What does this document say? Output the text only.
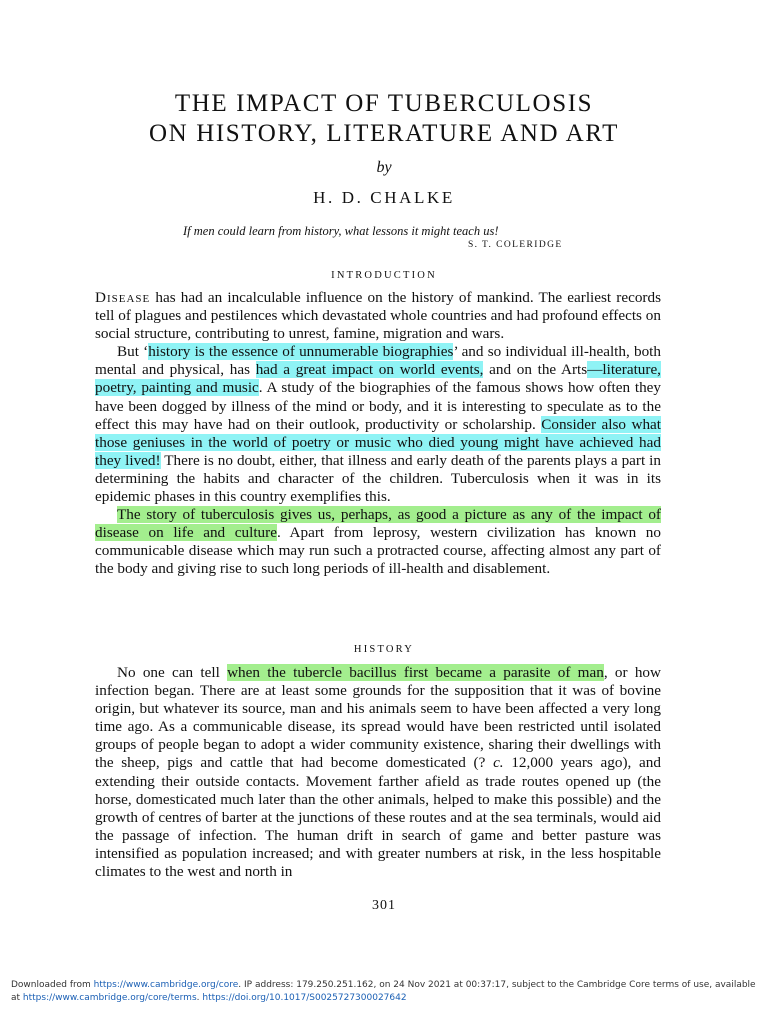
THE IMPACT OF TUBERCULOSIS
ON HISTORY, LITERATURE AND ART
by
H. D. CHALKE
If men could learn from history, what lessons it might teach us!
S. T. COLERIDGE
INTRODUCTION

Disease has had an incalculable influence on the history of mankind. The earliest records tell of plagues and pestilences which devastated whole countries and had profound effects on social structure, contributing to unrest, famine, migration and wars.

But ‘history is the essence of unnumerable biographies’ and so individual ill-health, both mental and physical, has had a great impact on world events, and on the Arts—literature, poetry, painting and music. A study of the biographies of the famous shows how often they have been dogged by illness of the mind or body, and it is interesting to speculate as to the effect this may have had on their outlook, productivity or scholarship. Consider also what those geniuses in the world of poetry or music who died young might have achieved had they lived! There is no doubt, either, that illness and early death of the parents plays a part in determining the habits and character of the children. Tuberculosis when it was in its epidemic phases in this country exemplifies this.

The story of tuberculosis gives us, perhaps, as good a picture as any of the impact of disease on life and culture. Apart from leprosy, western civilization has known no communicable disease which may run such a protracted course, affecting almost any part of the body and giving rise to such long periods of ill-health and disablement.

HISTORY

No one can tell when the tubercle bacillus first became a parasite of man, or how infection began. There are at least some grounds for the supposition that it was of bovine origin, but whatever its source, man and his animals seem to have been affected a very long time ago. As a communicable disease, its spread would have been restricted until isolated groups of people began to adopt a wider community existence, sharing their dwellings with the sheep, pigs and cattle that had become domesticated (? c. 12,000 years ago), and extending their outside contacts. Movement farther afield as trade routes opened up (the horse, domesticated much later than the other animals, helped to make this possible) and the growth of centres of barter at the junctions of these routes and at the sea terminals, would aid the passage of infection. The human drift in search of game and better pasture was intensified as population increased; and with greater numbers at risk, in the less hospitable climates to the west and north in

301
Downloaded from https://www.cambridge.org/core. IP address: 179.250.251.162, on 24 Nov 2021 at 00:37:17, subject to the Cambridge Core terms of use, available at https://www.cambridge.org/core/terms. https://doi.org/10.1017/S0025727300027642
